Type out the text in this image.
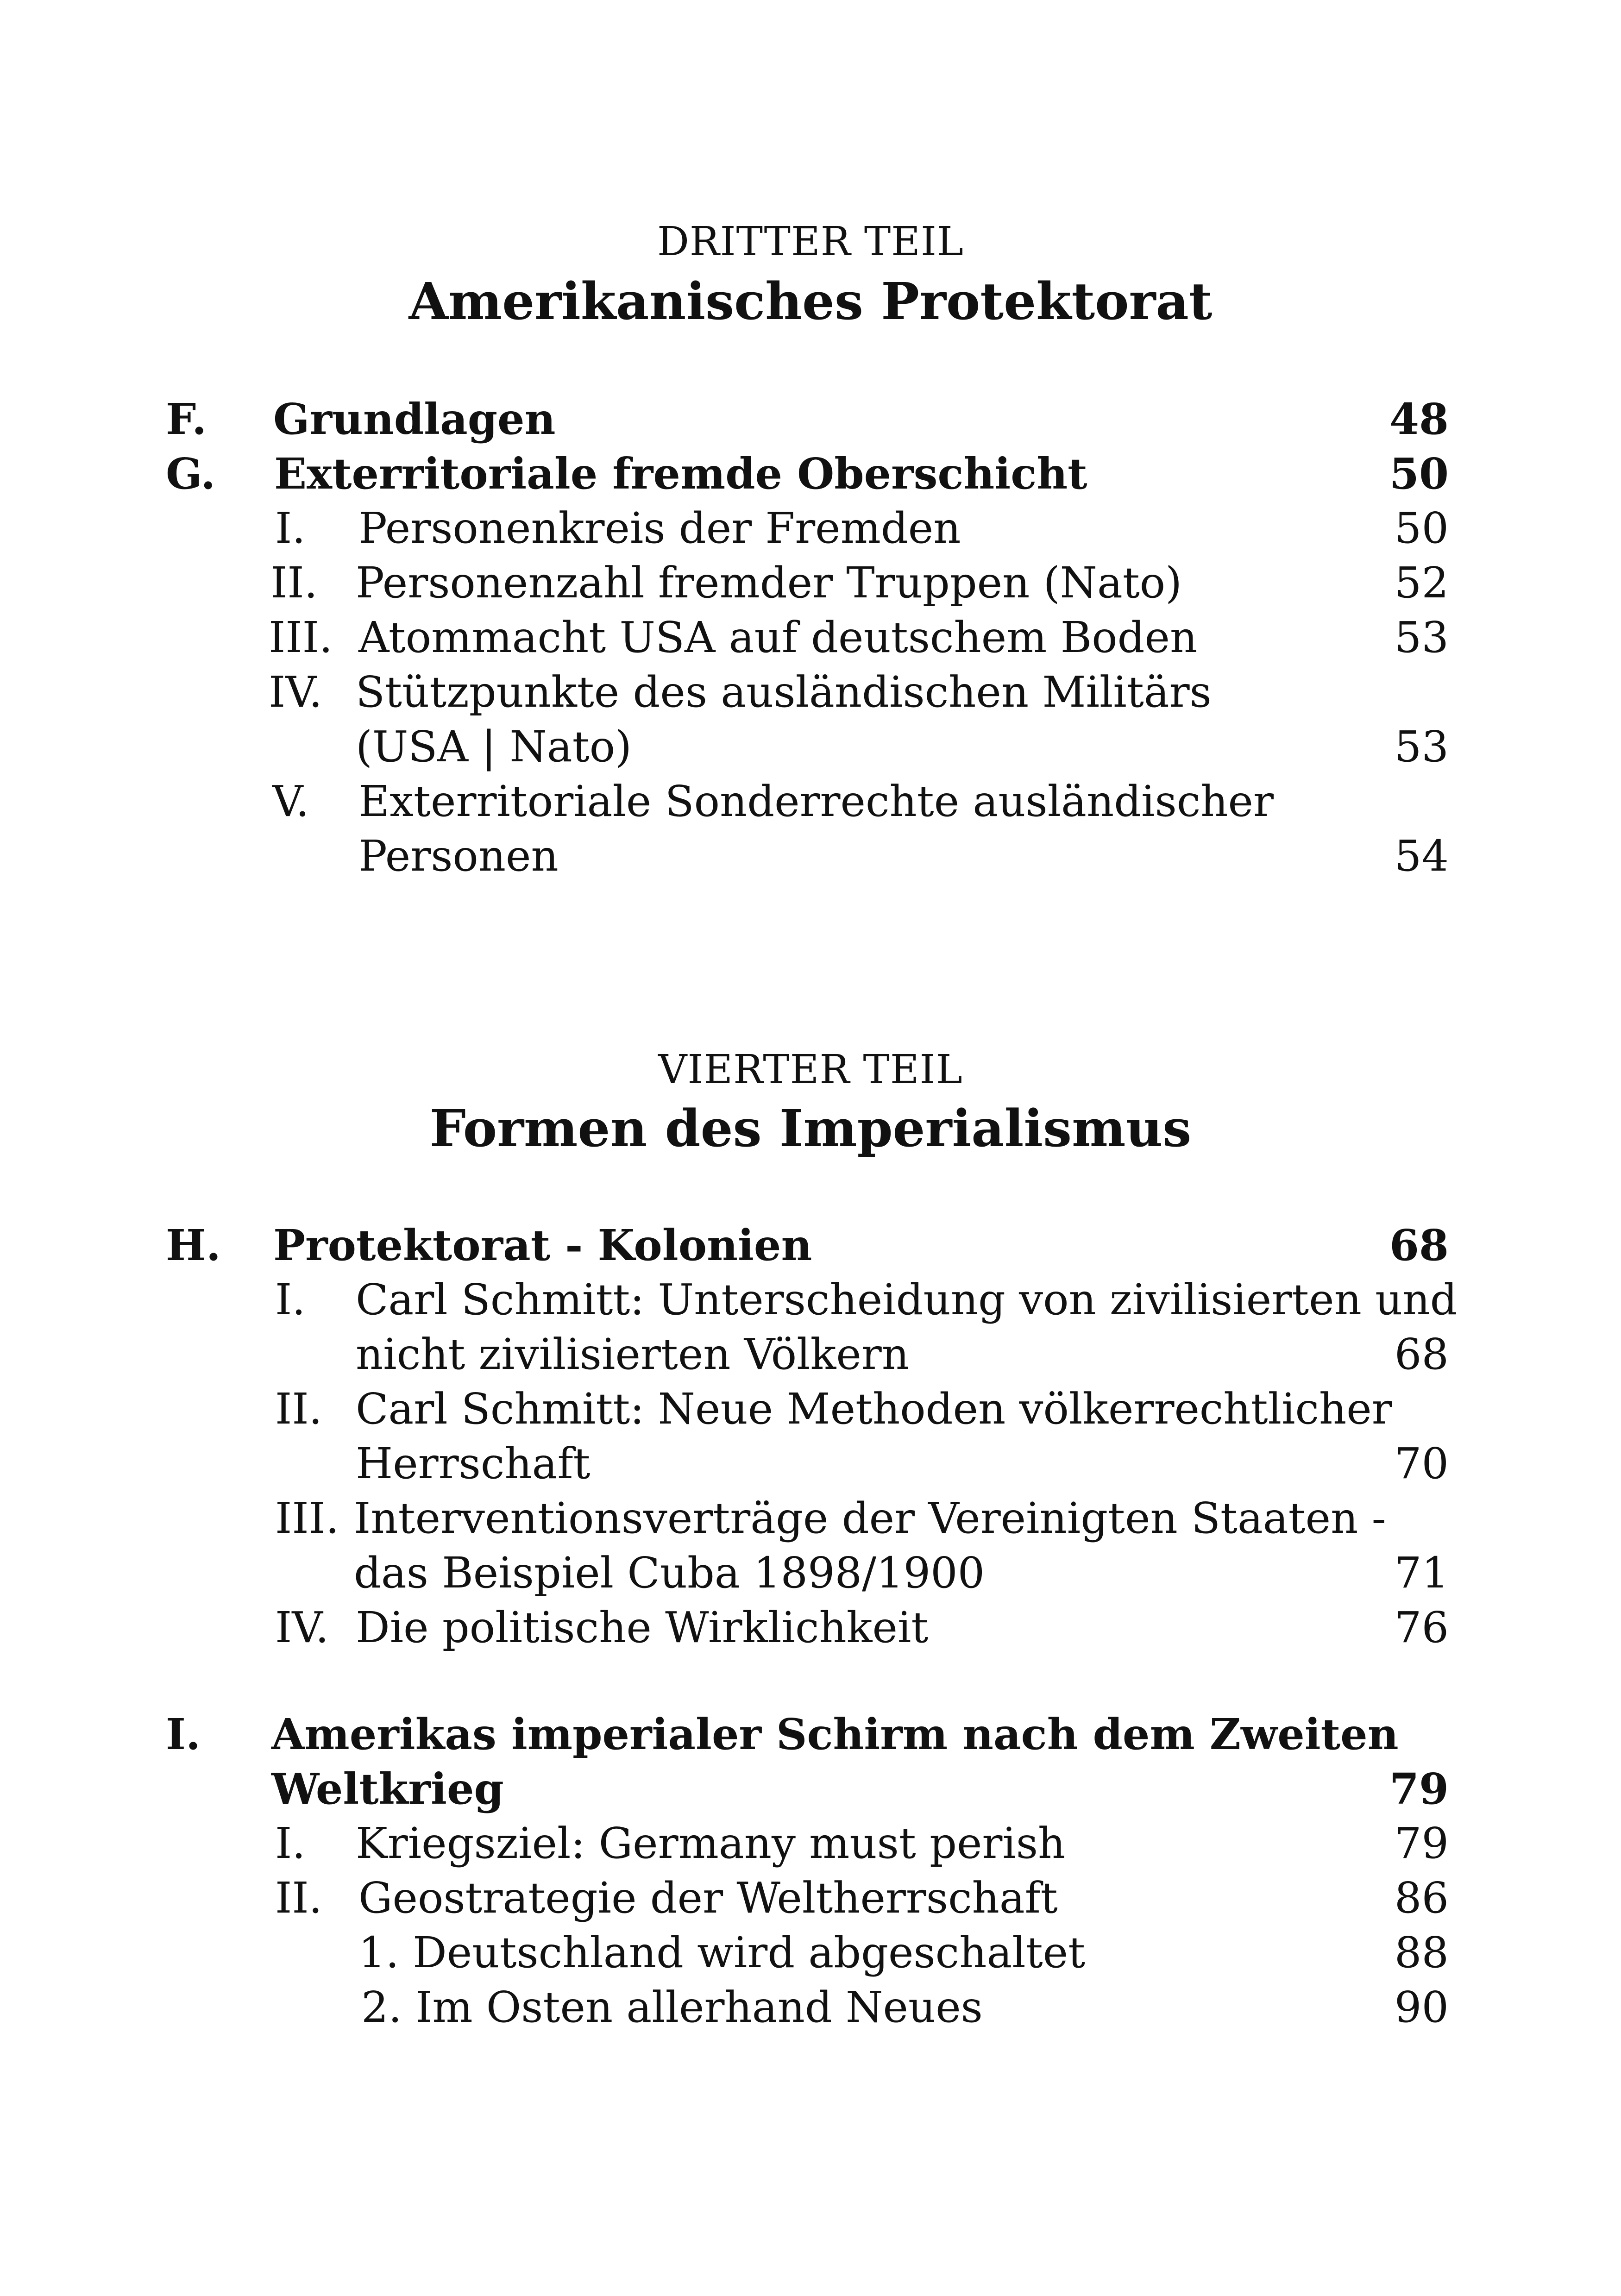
DRITTER TEIL
Amerikanisches Protektorat
F. Grundlagen	48
G. Exterritoriale fremde Oberschicht	50
I. Personenkreis der Fremden	50
II. Personenzahl fremder Truppen (Nato)	52
III. Atommacht USA auf deutschem Boden	53
IV. Stützpunkte des ausländischen Militärs
(USA | Nato)	53
V. Exterritoriale Sonderrechte ausländischer
Personen	54
VIERTER TEIL
Formen des Imperialismus
H. Protektorat - Kolonien	68
I. Carl Schmitt: Unterscheidung von zivilisierten und
nicht zivilisierten Völkern	68
II. Carl Schmitt: Neue Methoden völkerrechtlicher
Herrschaft	70
III. Interventionsverträge der Vereinigten Staaten -
das Beispiel Cuba 1898/1900	71
IV. Die politische Wirklichkeit	76
I. Amerikas imperialer Schirm nach dem Zweiten
Weltkrieg	79
I. Kriegsziel: Germany must perish	79
II. Geostrategie der Weltherrschaft	86
1. Deutschland wird abgeschaltet	88
2. Im Osten allerhand Neues	90
